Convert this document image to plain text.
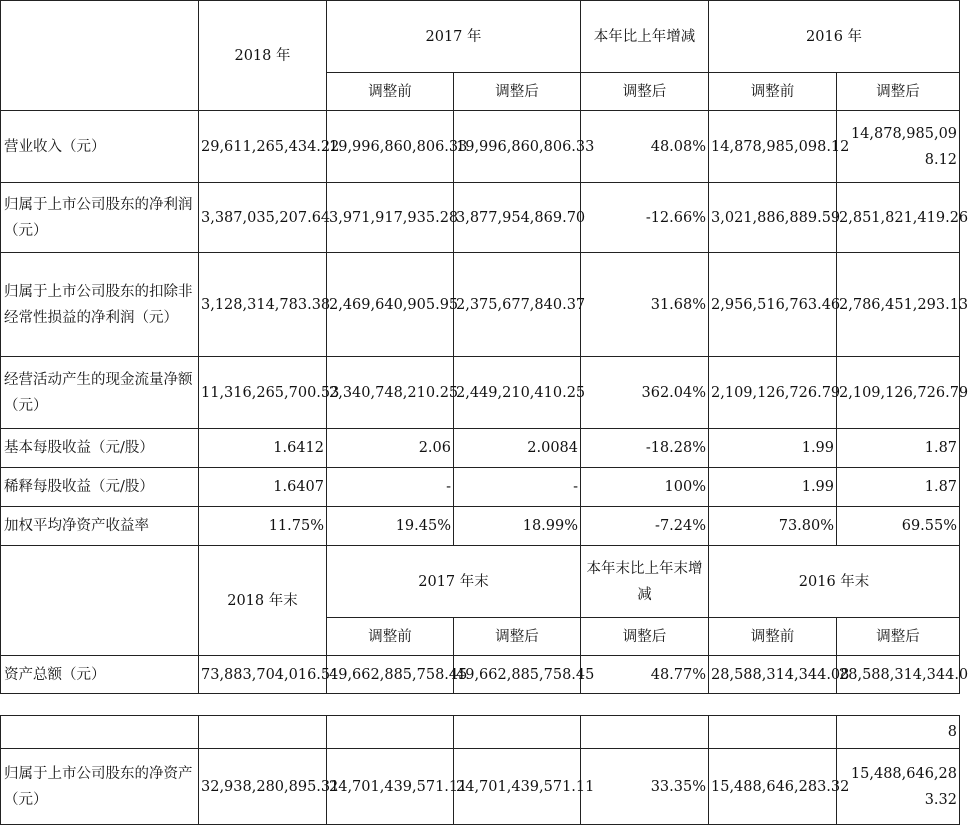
	2018 年	2017 年		本年比上年增减	2016 年	
		调整前	调整后	调整后	调整前	调整后
营业收入（元）	29,611,265,434.22	19,996,860,806.33	19,996,860,806.33	48.08%	14,878,985,098.12	14,878,985,098.12
归属于上市公司股东的净利润（元）	3,387,035,207.64	3,971,917,935.28	3,877,954,869.70	-12.66%	3,021,886,889.59	2,851,821,419.26
归属于上市公司股东的扣除非经常性损益的净利润（元）	3,128,314,783.38	2,469,640,905.95	2,375,677,840.37	31.68%	2,956,516,763.46	2,786,451,293.13
经营活动产生的现金流量净额（元）	11,316,265,700.53	2,340,748,210.25	2,449,210,410.25	362.04%	2,109,126,726.79	2,109,126,726.79
基本每股收益（元/股）	1.6412	2.06	2.0084	-18.28%	1.99	1.87
稀释每股收益（元/股）	1.6407	-	-	100%	1.99	1.87
加权平均净资产收益率	11.75%	19.45%	18.99%	-7.24%	73.80%	69.55%
	2018 年末	2017 年末		本年末比上年末增减	2016 年末	
		调整前	调整后	调整后	调整前	调整后
资产总额（元）	73,883,704,016.51	49,662,885,758.45	49,662,885,758.45	48.77%	28,588,314,344.08	28,588,314,344.0
						8
归属于上市公司股东的净资产（元）	32,938,280,895.31	24,701,439,571.11	24,701,439,571.11	33.35%	15,488,646,283.32	15,488,646,283.32
